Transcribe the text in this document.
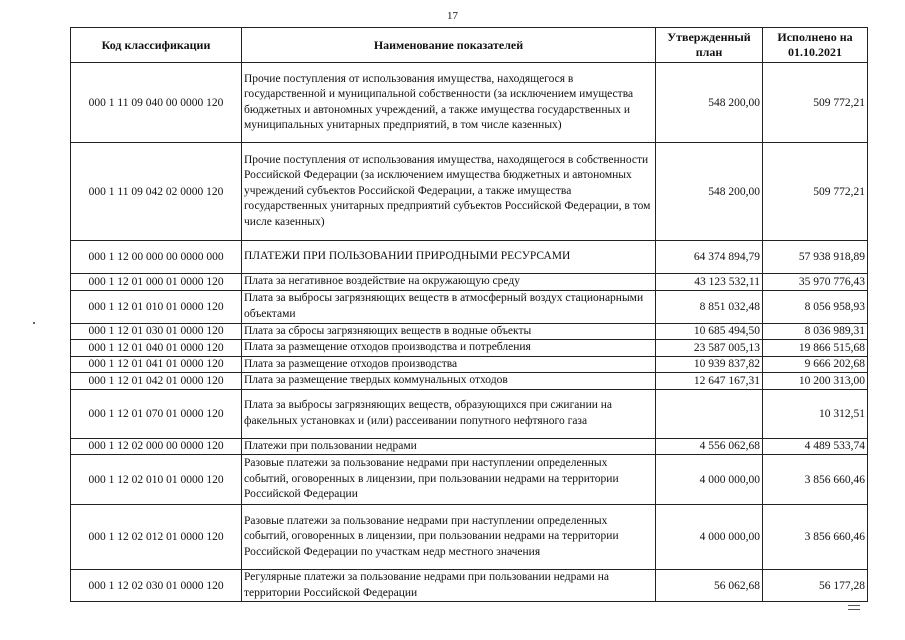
17
Код классификации	Наименование показателей	Утвержденный план	Исполнено на 01.10.2021
000 1 11 09 040 00 0000 120	Прочие поступления от использования имущества, находящегося в государственной и муниципальной собственности (за исключением имущества бюджетных и автономных учреждений, а также имущества государственных и муниципальных унитарных предприятий, в том числе казенных)	548 200,00	509 772,21
000 1 11 09 042 02 0000 120	Прочие поступления от использования имущества, находящегося в собственности Российской Федерации (за исключением имущества бюджетных и автономных учреждений субъектов Российской Федерации, а также имущества государственных унитарных предприятий субъектов Российской Федерации, в том числе казенных)	548 200,00	509 772,21
000 1 12 00 000 00 0000 000	ПЛАТЕЖИ ПРИ ПОЛЬЗОВАНИИ ПРИРОДНЫМИ РЕСУРСАМИ	64 374 894,79	57 938 918,89
000 1 12 01 000 01 0000 120	Плата за негативное воздействие на окружающую среду	43 123 532,11	35 970 776,43
000 1 12 01 010 01 0000 120	Плата за выбросы загрязняющих веществ в атмосферный воздух стационарными объектами	8 851 032,48	8 056 958,93
000 1 12 01 030 01 0000 120	Плата за сбросы загрязняющих веществ в водные объекты	10 685 494,50	8 036 989,31
000 1 12 01 040 01 0000 120	Плата за размещение отходов производства и потребления	23 587 005,13	19 866 515,68
000 1 12 01 041 01 0000 120	Плата за размещение отходов производства	10 939 837,82	9 666 202,68
000 1 12 01 042 01 0000 120	Плата за размещение твердых коммунальных отходов	12 647 167,31	10 200 313,00
000 1 12 01 070 01 0000 120	Плата за выбросы загрязняющих веществ, образующихся при сжигании на факельных установках и (или) рассеивании попутного нефтяного газа		10 312,51
000 1 12 02 000 00 0000 120	Платежи при пользовании недрами	4 556 062,68	4 489 533,74
000 1 12 02 010 01 0000 120	Разовые платежи за пользование недрами при наступлении определенных событий, оговоренных в лицензии, при пользовании недрами на территории Российской Федерации	4 000 000,00	3 856 660,46
000 1 12 02 012 01 0000 120	Разовые платежи за пользование недрами при наступлении определенных событий, оговоренных в лицензии, при пользовании недрами на территории Российской Федерации по участкам недр местного значения	4 000 000,00	3 856 660,46
000 1 12 02 030 01 0000 120	Регулярные платежи за пользование недрами при пользовании недрами на территории Российской Федерации	56 062,68	56 177,28
